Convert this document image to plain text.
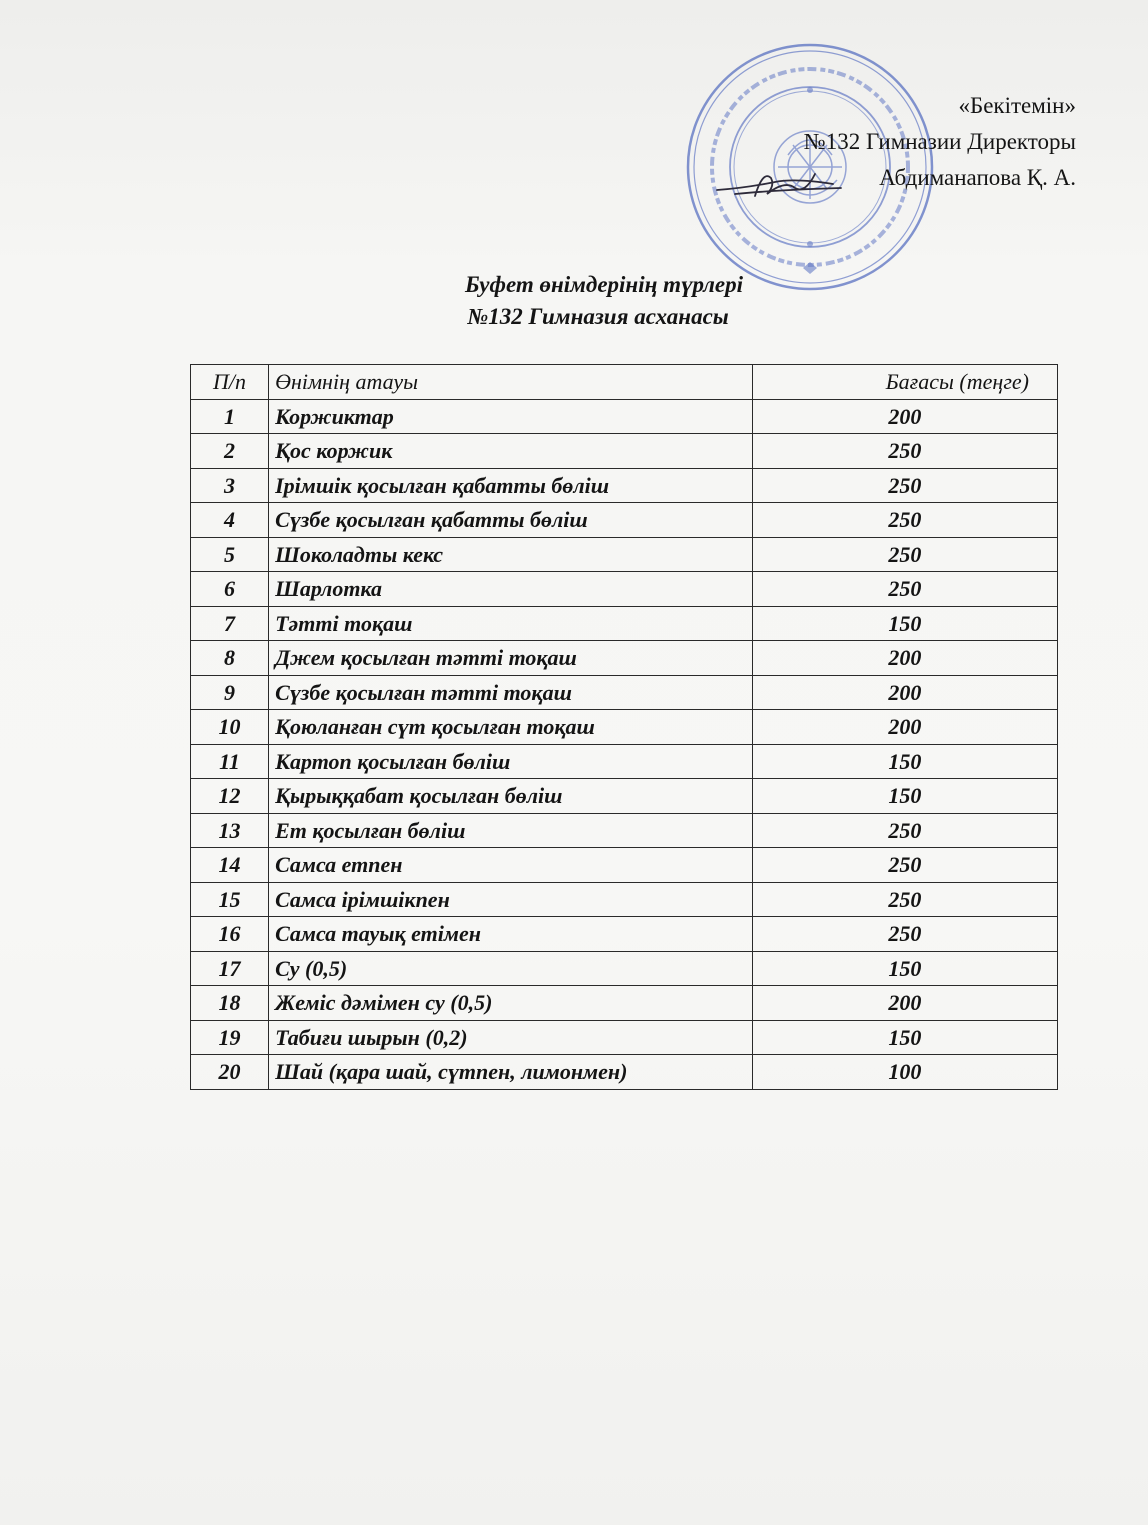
«Бекітемін»
№132 Гимназии Директоры
Абдиманапова Қ. А.
Буфет өнімдерінің түрлері
№132 Гимназия асханасы
П/п	Өнімнің атауы	Бағасы (теңге)
1	Коржиктар	200
2	Қос коржик	250
3	Ірімшік қосылған қабатты бөліш	250
4	Сүзбе қосылған қабатты бөліш	250
5	Шоколадты кекс	250
6	Шарлотка	250
7	Тәтті тоқаш	150
8	Джем қосылған тәтті тоқаш	200
9	Сүзбе қосылған тәтті тоқаш	200
10	Қоюланған сүт қосылған тоқаш	200
11	Картоп қосылған бөліш	150
12	Қырыққабат қосылған бөліш	150
13	Ет қосылған бөліш	250
14	Самса етпен	250
15	Самса ірімшікпен	250
16	Самса тауық етімен	250
17	Су (0,5)	150
18	Жеміс дәмімен су (0,5)	200
19	Табиғи шырын (0,2)	150
20	Шай (қара шай, сүтпен, лимонмен)	100
